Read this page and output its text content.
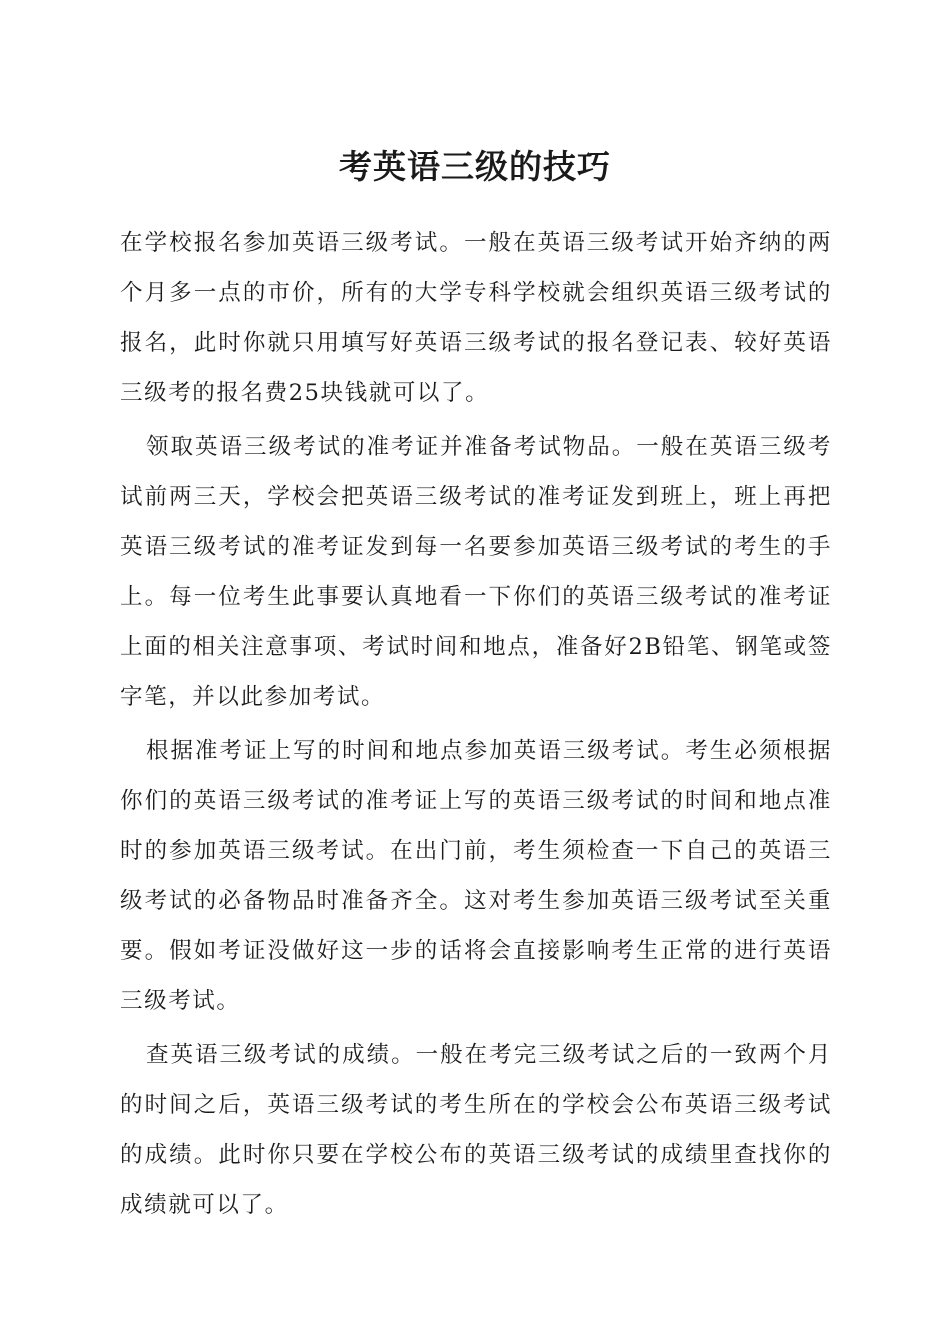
考英语三级的技巧

在学校报名参加英语三级考试。一般在英语三级考试开始齐纳的两个月多一点的市价，所有的大学专科学校就会组织英语三级考试的报名，此时你就只用填写好英语三级考试的报名登记表、较好英语三级考的报名费25块钱就可以了。

领取英语三级考试的准考证并准备考试物品。一般在英语三级考试前两三天，学校会把英语三级考试的准考证发到班上，班上再把英语三级考试的准考证发到每一名要参加英语三级考试的考生的手上。每一位考生此事要认真地看一下你们的英语三级考试的准考证上面的相关注意事项、考试时间和地点，准备好2B铅笔、钢笔或签字笔，并以此参加考试。

根据准考证上写的时间和地点参加英语三级考试。考生必须根据你们的英语三级考试的准考证上写的英语三级考试的时间和地点准时的参加英语三级考试。在出门前，考生须检查一下自己的英语三级考试的必备物品时准备齐全。这对考生参加英语三级考试至关重要。假如考证没做好这一步的话将会直接影响考生正常的进行英语三级考试。

查英语三级考试的成绩。一般在考完三级考试之后的一致两个月的时间之后，英语三级考试的考生所在的学校会公布英语三级考试的成绩。此时你只要在学校公布的英语三级考试的成绩里查找你的成绩就可以了。
